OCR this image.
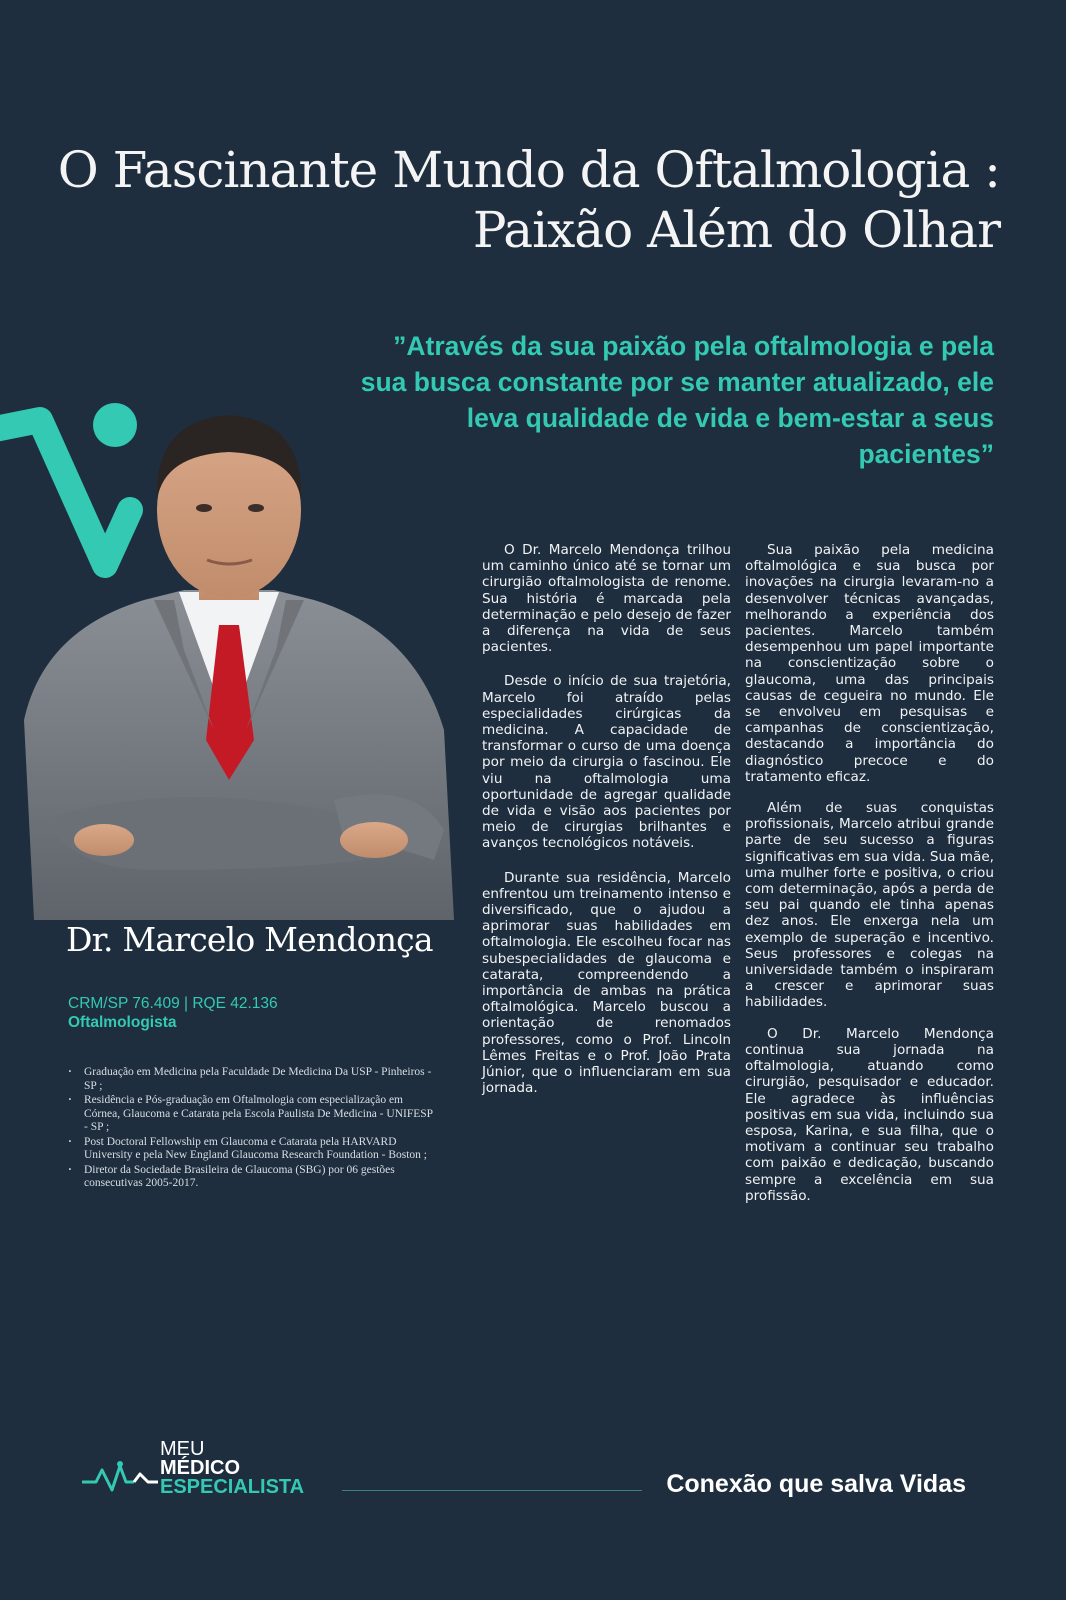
O Fascinante Mundo da Oftalmologia :
Paixão Além do Olhar

”Através da sua paixão pela oftalmologia e pela sua busca constante por se manter atualizado, ele leva qualidade de vida e bem-estar a seus pacientes”

Dr. Marcelo Mendonça
CRM/SP 76.409 | RQE 42.136
Oftalmologista
· Graduação em Medicina pela Faculdade De Medicina Da USP - Pinheiros - SP ;
· Residência e Pós-graduação em Oftalmologia com especialização em Córnea, Glaucoma e Catarata pela Escola Paulista De Medicina - UNIFESP - SP ;
· Post Doctoral Fellowship em Glaucoma e Catarata pela HARVARD University e pela New England Glaucoma Research Foundation - Boston ;
· Diretor da Sociedade Brasileira de Glaucoma (SBG) por 06 gestões consecutivas 2005-2017.

O Dr. Marcelo Mendonça trilhou um caminho único até se tornar um cirurgião oftalmologista de renome. Sua história é marcada pela determinação e pelo desejo de fazer a diferença na vida de seus pacientes.

Desde o início de sua trajetória, Marcelo foi atraído pelas especialidades cirúrgicas da medicina. A capacidade de transformar o curso de uma doença por meio da cirurgia o fascinou. Ele viu na oftalmologia uma oportunidade de agregar qualidade de vida e visão aos pacientes por meio de cirurgias brilhantes e avanços tecnológicos notáveis.

Durante sua residência, Marcelo enfrentou um treinamento intenso e diversificado, que o ajudou a aprimorar suas habilidades em oftalmologia. Ele escolheu focar nas subespecialidades de glaucoma e catarata, compreendendo a importância de ambas na prática oftalmológica. Marcelo buscou a orientação de renomados professores, como o Prof. Lincoln Lêmes Freitas e o Prof. João Prata Júnior, que o influenciaram em sua jornada.

Sua paixão pela medicina oftalmológica e sua busca por inovações na cirurgia levaram-no a desenvolver técnicas avançadas, melhorando a experiência dos pacientes. Marcelo também desempenhou um papel importante na conscientização sobre o glaucoma, uma das principais causas de cegueira no mundo. Ele se envolveu em pesquisas e campanhas de conscientização, destacando a importância do diagnóstico precoce e do tratamento eficaz.

Além de suas conquistas profissionais, Marcelo atribui grande parte de seu sucesso a figuras significativas em sua vida. Sua mãe, uma mulher forte e positiva, o criou com determinação, após a perda de seu pai quando ele tinha apenas dez anos. Ele enxerga nela um exemplo de superação e incentivo. Seus professores e colegas na universidade também o inspiraram a crescer e aprimorar suas habilidades.

O Dr. Marcelo Mendonça continua sua jornada na oftalmologia, atuando como cirurgião, pesquisador e educador. Ele agradece às influências positivas em sua vida, incluindo sua esposa, Karina, e sua filha, que o motivam a continuar seu trabalho com paixão e dedicação, buscando sempre a excelência em sua profissão.

MEU
MÉDICO
ESPECIALISTA	Conexão que salva Vidas
